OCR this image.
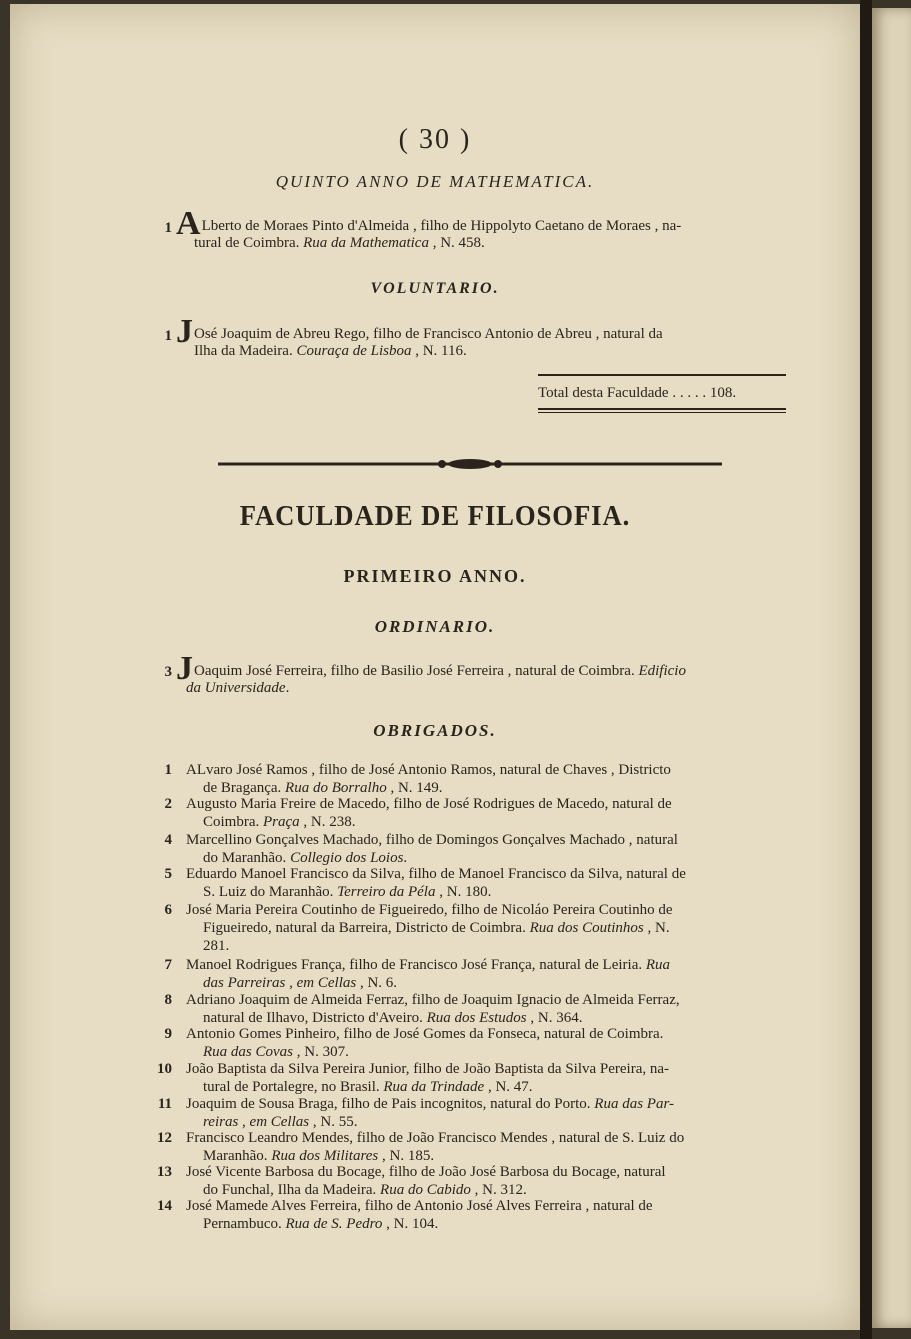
( 30 )
QUINTO ANNO DE MATHEMATICA.
1 ALberto de Moraes Pinto d'Almeida , filho de Hippolyto Caetano de Moraes , na-
tural de Coimbra. Rua da Mathematica , N. 458.
VOLUNTARIO.
1 JOsé Joaquim de Abreu Rego, filho de Francisco Antonio de Abreu , natural da
Ilha da Madeira. Couraça de Lisboa , N. 116.
Total desta Faculdade . . . . . 108.
FACULDADE DE FILOSOFIA.
PRIMEIRO ANNO.
ORDINARIO.
3 JOaquim José Ferreira, filho de Basilio José Ferreira , natural de Coimbra. Edificio
da Universidade.
OBRIGADOS.
1 ALvaro José Ramos , filho de José Antonio Ramos, natural de Chaves , Districto
de Bragança. Rua do Borralho , N. 149.
2 Augusto Maria Freire de Macedo, filho de José Rodrigues de Macedo, natural de
Coimbra. Praça , N. 238.
4 Marcellino Gonçalves Machado, filho de Domingos Gonçalves Machado , natural
do Maranhão. Collegio dos Loios.
5 Eduardo Manoel Francisco da Silva, filho de Manoel Francisco da Silva, natural de
S. Luiz do Maranhão. Terreiro da Péla , N. 180.
6 José Maria Pereira Coutinho de Figueiredo, filho de Nicoláo Pereira Coutinho de
Figueiredo, natural da Barreira, Districto de Coimbra. Rua dos Coutinhos , N.
281.
7 Manoel Rodrigues França, filho de Francisco José França, natural de Leiria. Rua
das Parreiras , em Cellas , N. 6.
8 Adriano Joaquim de Almeida Ferraz, filho de Joaquim Ignacio de Almeida Ferraz,
natural de Ilhavo, Districto d'Aveiro. Rua dos Estudos , N. 364.
9 Antonio Gomes Pinheiro, filho de José Gomes da Fonseca, natural de Coimbra.
Rua das Covas , N. 307.
10 João Baptista da Silva Pereira Junior, filho de João Baptista da Silva Pereira, na-
tural de Portalegre, no Brasil. Rua da Trindade , N. 47.
11 Joaquim de Sousa Braga, filho de Pais incognitos, natural do Porto. Rua das Par-
reiras , em Cellas , N. 55.
12 Francisco Leandro Mendes, filho de João Francisco Mendes , natural de S. Luiz do
Maranhão. Rua dos Militares , N. 185.
13 José Vicente Barbosa du Bocage, filho de João José Barbosa du Bocage, natural
do Funchal, Ilha da Madeira. Rua do Cabido , N. 312.
14 José Mamede Alves Ferreira, filho de Antonio José Alves Ferreira , natural de
Pernambuco. Rua de S. Pedro , N. 104.
